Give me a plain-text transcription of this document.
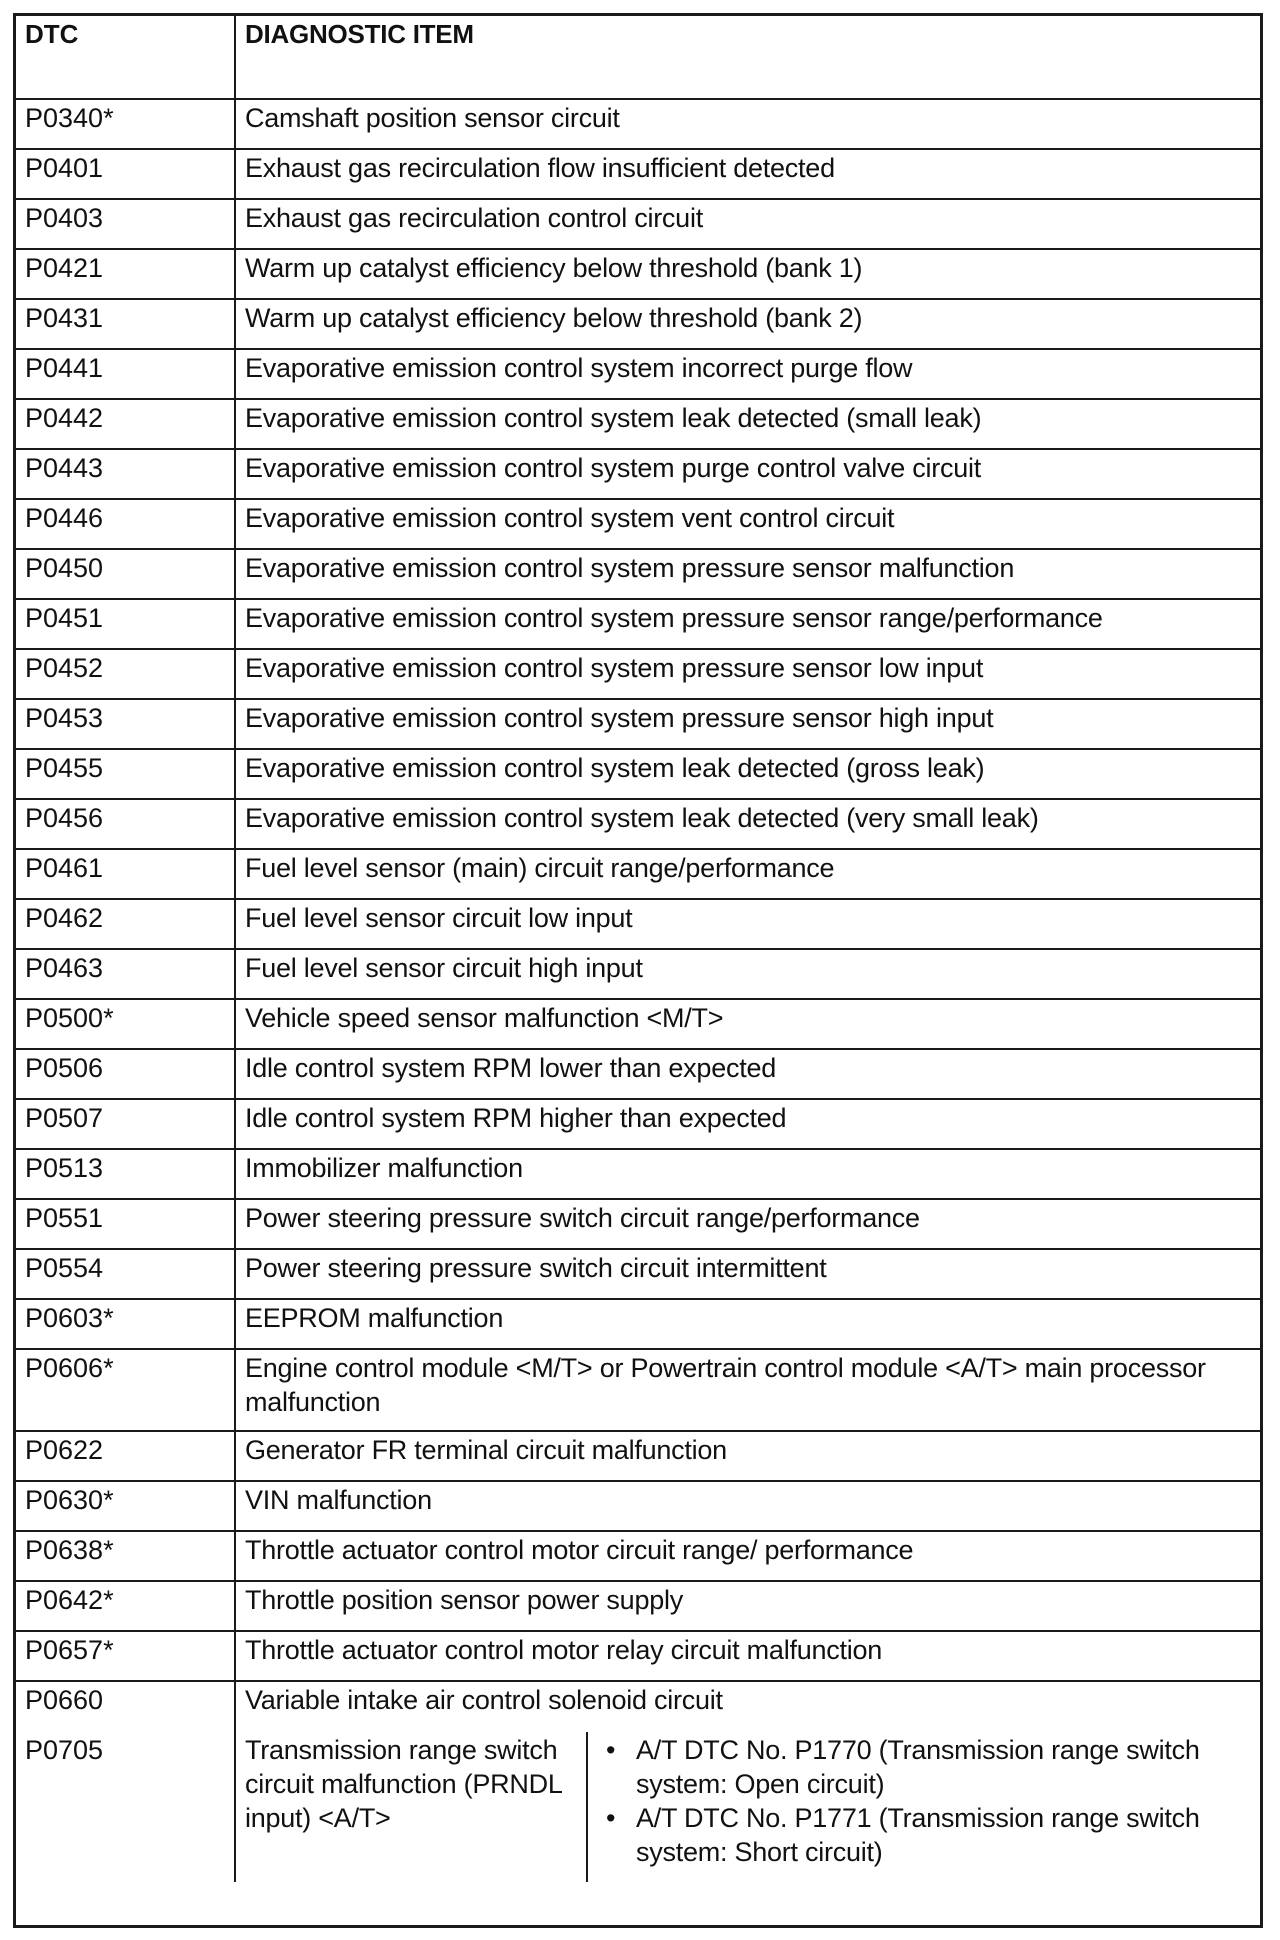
DTC	DIAGNOSTIC ITEM
P0340*	Camshaft position sensor circuit
P0401	Exhaust gas recirculation flow insufficient detected
P0403	Exhaust gas recirculation control circuit
P0421	Warm up catalyst efficiency below threshold (bank 1)
P0431	Warm up catalyst efficiency below threshold (bank 2)
P0441	Evaporative emission control system incorrect purge flow
P0442	Evaporative emission control system leak detected (small leak)
P0443	Evaporative emission control system purge control valve circuit
P0446	Evaporative emission control system vent control circuit
P0450	Evaporative emission control system pressure sensor malfunction
P0451	Evaporative emission control system pressure sensor range/performance
P0452	Evaporative emission control system pressure sensor low input
P0453	Evaporative emission control system pressure sensor high input
P0455	Evaporative emission control system leak detected (gross leak)
P0456	Evaporative emission control system leak detected (very small leak)
P0461	Fuel level sensor (main) circuit range/performance
P0462	Fuel level sensor circuit low input
P0463	Fuel level sensor circuit high input
P0500*	Vehicle speed sensor malfunction <M/T>
P0506	Idle control system RPM lower than expected
P0507	Idle control system RPM higher than expected
P0513	Immobilizer malfunction
P0551	Power steering pressure switch circuit range/performance
P0554	Power steering pressure switch circuit intermittent
P0603*	EEPROM malfunction
P0606*	Engine control module <M/T> or Powertrain control module <A/T> main processor malfunction
P0622	Generator FR terminal circuit malfunction
P0630*	VIN malfunction
P0638*	Throttle actuator control motor circuit range/ performance
P0642*	Throttle position sensor power supply
P0657*	Throttle actuator control motor relay circuit malfunction
P0660	Variable intake air control solenoid circuit
P0705	Transmission range switch circuit malfunction (PRNDL input) <A/T>
• A/T DTC No. P1770 (Transmission range switch system: Open circuit)
• A/T DTC No. P1771 (Transmission range switch system: Short circuit)
